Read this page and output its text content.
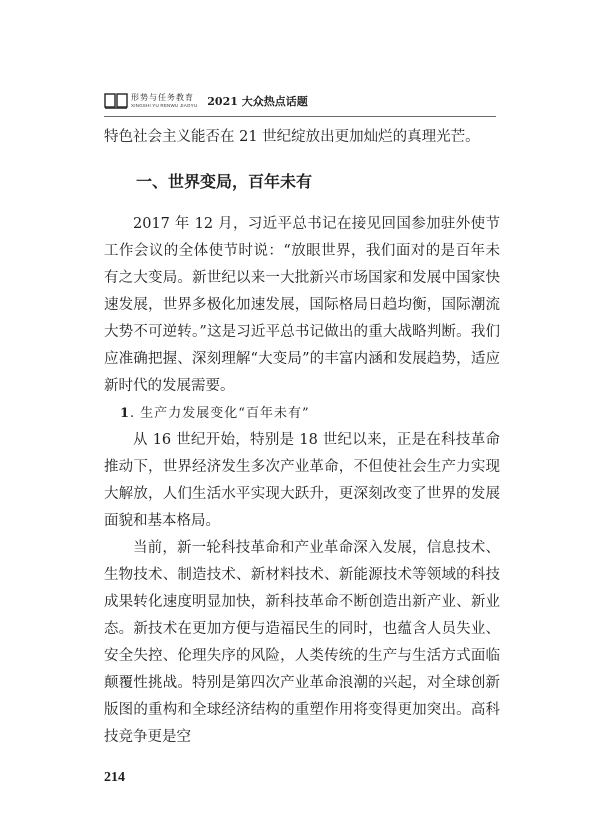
形势与任务教育
XINGSHI YU RENWU JIAOYU 2021 大众热点话题

特色社会主义能否在 21 世纪绽放出更加灿烂的真理光芒。

一、世界变局，百年未有

2017 年 12 月，习近平总书记在接见回国参加驻外使节工作会议的全体使节时说：“放眼世界，我们面对的是百年未有之大变局。新世纪以来一大批新兴市场国家和发展中国家快速发展，世界多极化加速发展，国际格局日趋均衡，国际潮流大势不可逆转。”这是习近平总书记做出的重大战略判断。我们应准确把握、深刻理解“大变局”的丰富内涵和发展趋势，适应新时代的发展需要。

1. 生产力发展变化“百年未有”

从 16 世纪开始，特别是 18 世纪以来，正是在科技革命推动下，世界经济发生多次产业革命，不但使社会生产力实现大解放，人们生活水平实现大跃升，更深刻改变了世界的发展面貌和基本格局。

当前，新一轮科技革命和产业革命深入发展，信息技术、生物技术、制造技术、新材料技术、新能源技术等领域的科技成果转化速度明显加快，新科技革命不断创造出新产业、新业态。新技术在更加方便与造福民生的同时，也蕴含人员失业、安全失控、伦理失序的风险，人类传统的生产与生活方式面临颠覆性挑战。特别是第四次产业革命浪潮的兴起，对全球创新版图的重构和全球经济结构的重塑作用将变得更加突出。高科技竞争更是空

214
